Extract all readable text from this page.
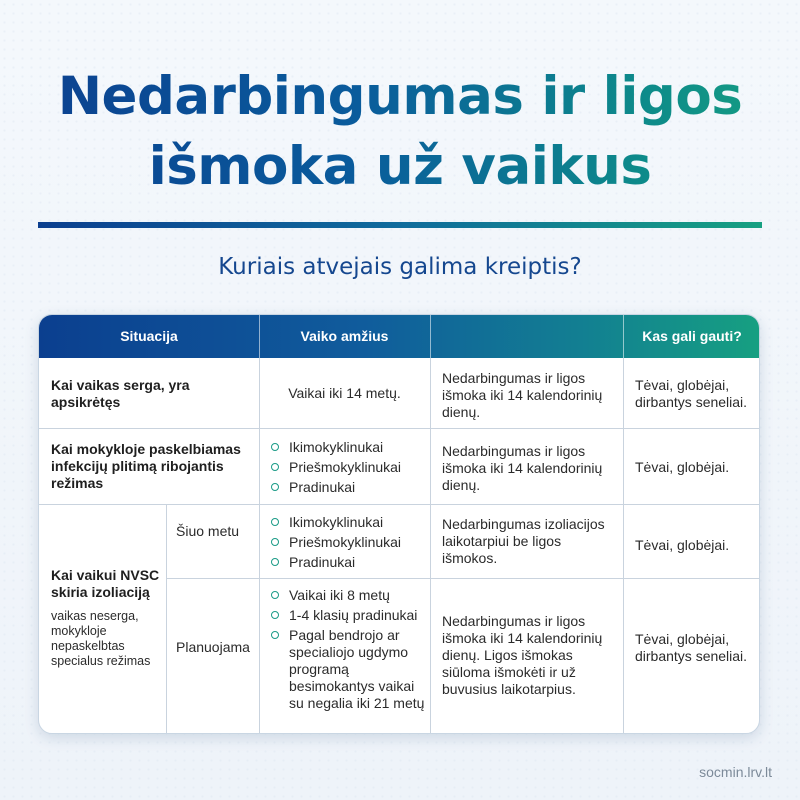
Nedarbingumas ir ligos
išmoka už vaikus
Kuriais atvejais galima kreiptis?
Situacija	Vaiko amžius	Kas gali gauti?
Kai vaikas serga, yra apsikrėtęs
Vaikai iki 14 metų.
Nedarbingumas ir ligos išmoka iki 14 kalendorinių dienų.
Tėvai, globėjai, dirbantys seneliai.
Kai mokykloje paskelbiamas infekcijų plitimą ribojantis režimas
Ikimokyklinukai
Priešmokyklinukai
Pradinukai
Nedarbingumas ir ligos išmoka iki 14 kalendorinių dienų.
Tėvai, globėjai.
Kai vaikui NVSC skiria izoliaciją
vaikas neserga, mokykloje nepaskelbtas specialus režimas
Šiuo metu
Ikimokyklinukai
Priešmokyklinukai
Pradinukai
Nedarbingumas izoliacijos laikotarpiui be ligos išmokos.
Tėvai, globėjai.
Planuojama
Vaikai iki 8 metų
1-4 klasių pradinukai
Pagal bendrojo ar specialiojo ugdymo programą besimokantys vaikai su negalia iki 21 metų
Nedarbingumas ir ligos išmoka iki 14 kalendorinių dienų. Ligos išmokas siūloma išmokėti ir už buvusius laikotarpius.
Tėvai, globėjai, dirbantys seneliai.
socmin.lrv.lt
